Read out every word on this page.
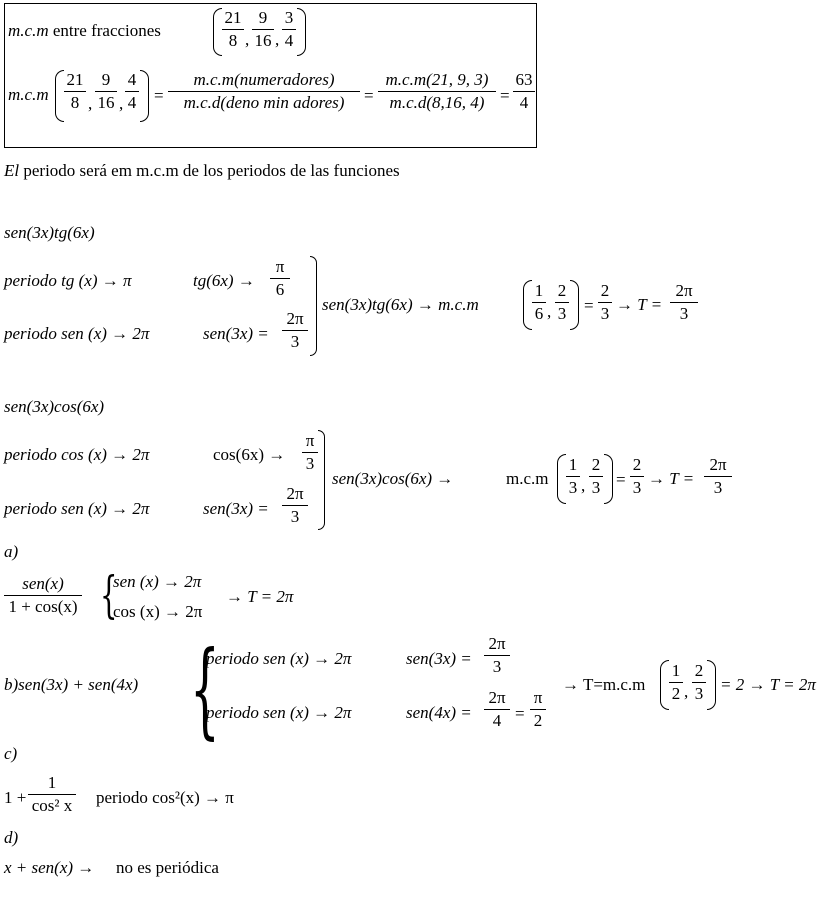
m.c.m entre fracciones
21
8 ,
9
16 ,
3
4
m.c.m
21
8 ,
9
16 ,
4
4 =
m.c.m(numeradores)
m.c.d(deno min adores)	=
m.c.m(21, 9, 3)
m.c.d(8,16, 4) =
63
4
El periodo será em m.c.m de los periodos de las funciones
sen(3x)tg(6x)
periodo tg (x) → π	tg(6x) →
π
6
periodo sen (x) → 2π	sen(3x) =
2π
3
sen(3x)tg(6x) → m.c.m
1
6 ,
2
3 =
2
3 → T =
2π
3
sen(3x)cos(6x)
periodo cos (x) → 2π	cos(6x) →
π
3
periodo sen (x) → 2π	sen(3x) =
2π
3
sen(3x)cos(6x) →	m.c.m
1
3 ,
2
3 =
2
3 → T =
2π
3
a)
sen(x)
1 + cos(x) {
sen (x) → 2π
cos (x) → 2π
→ T = 2π
b)sen(3x) + sen(4x) {
periodo sen (x) → 2π	sen(3x) =
2π
3
periodo sen (x) → 2π	sen(4x) =
2π
4 =
π
2
→ T=m.c.m
1
2 ,
2
3 = 2 → T = 2π
c)
1 +
1
cos² x periodo cos²(x) → π
d)
x + sen(x) → no es periódica
